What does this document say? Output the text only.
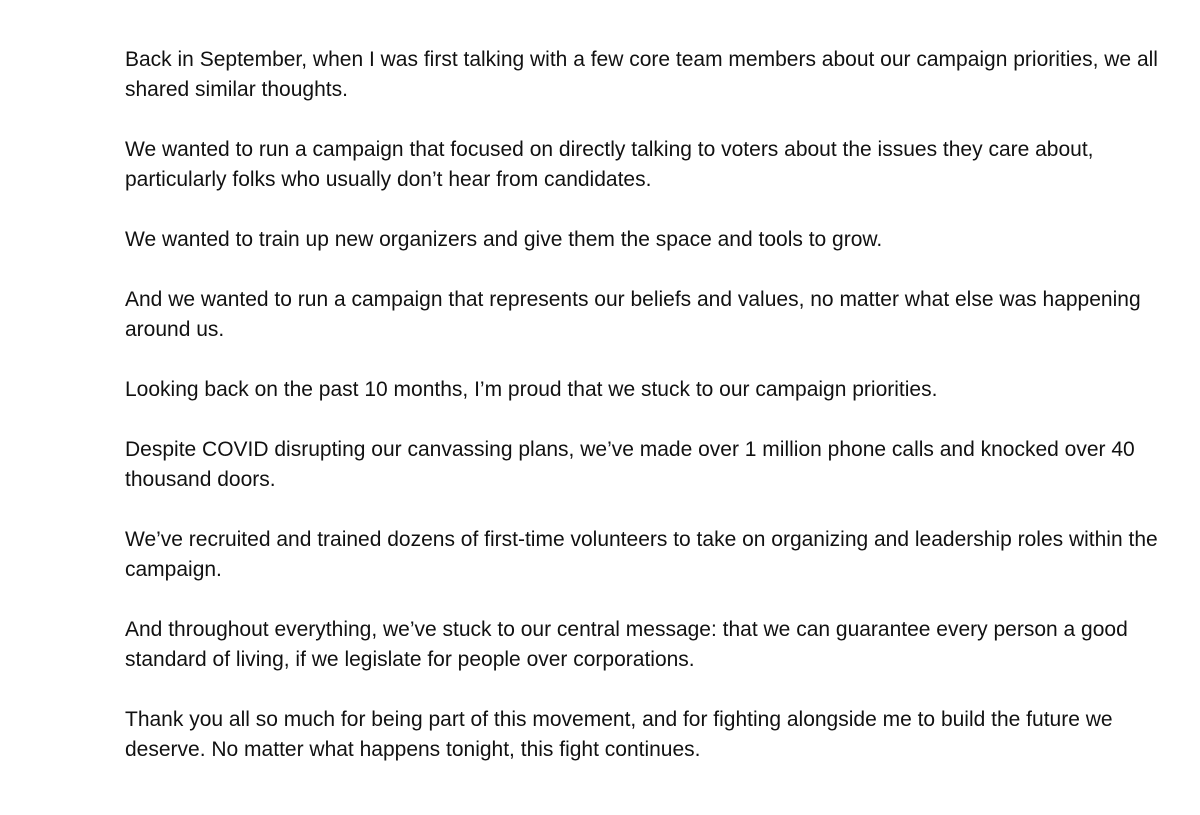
Back in September, when I was first talking with a few core team members about our campaign priorities, we all shared similar thoughts.

We wanted to run a campaign that focused on directly talking to voters about the issues they care about, particularly folks who usually don’t hear from candidates.

We wanted to train up new organizers and give them the space and tools to grow.

And we wanted to run a campaign that represents our beliefs and values, no matter what else was happening around us.

Looking back on the past 10 months, I’m proud that we stuck to our campaign priorities.

Despite COVID disrupting our canvassing plans, we’ve made over 1 million phone calls and knocked over 40 thousand doors.

We’ve recruited and trained dozens of first-time volunteers to take on organizing and leadership roles within the campaign.

And throughout everything, we’ve stuck to our central message: that we can guarantee every person a good standard of living, if we legislate for people over corporations.

Thank you all so much for being part of this movement, and for fighting alongside me to build the future we deserve. No matter what happens tonight, this fight continues.
